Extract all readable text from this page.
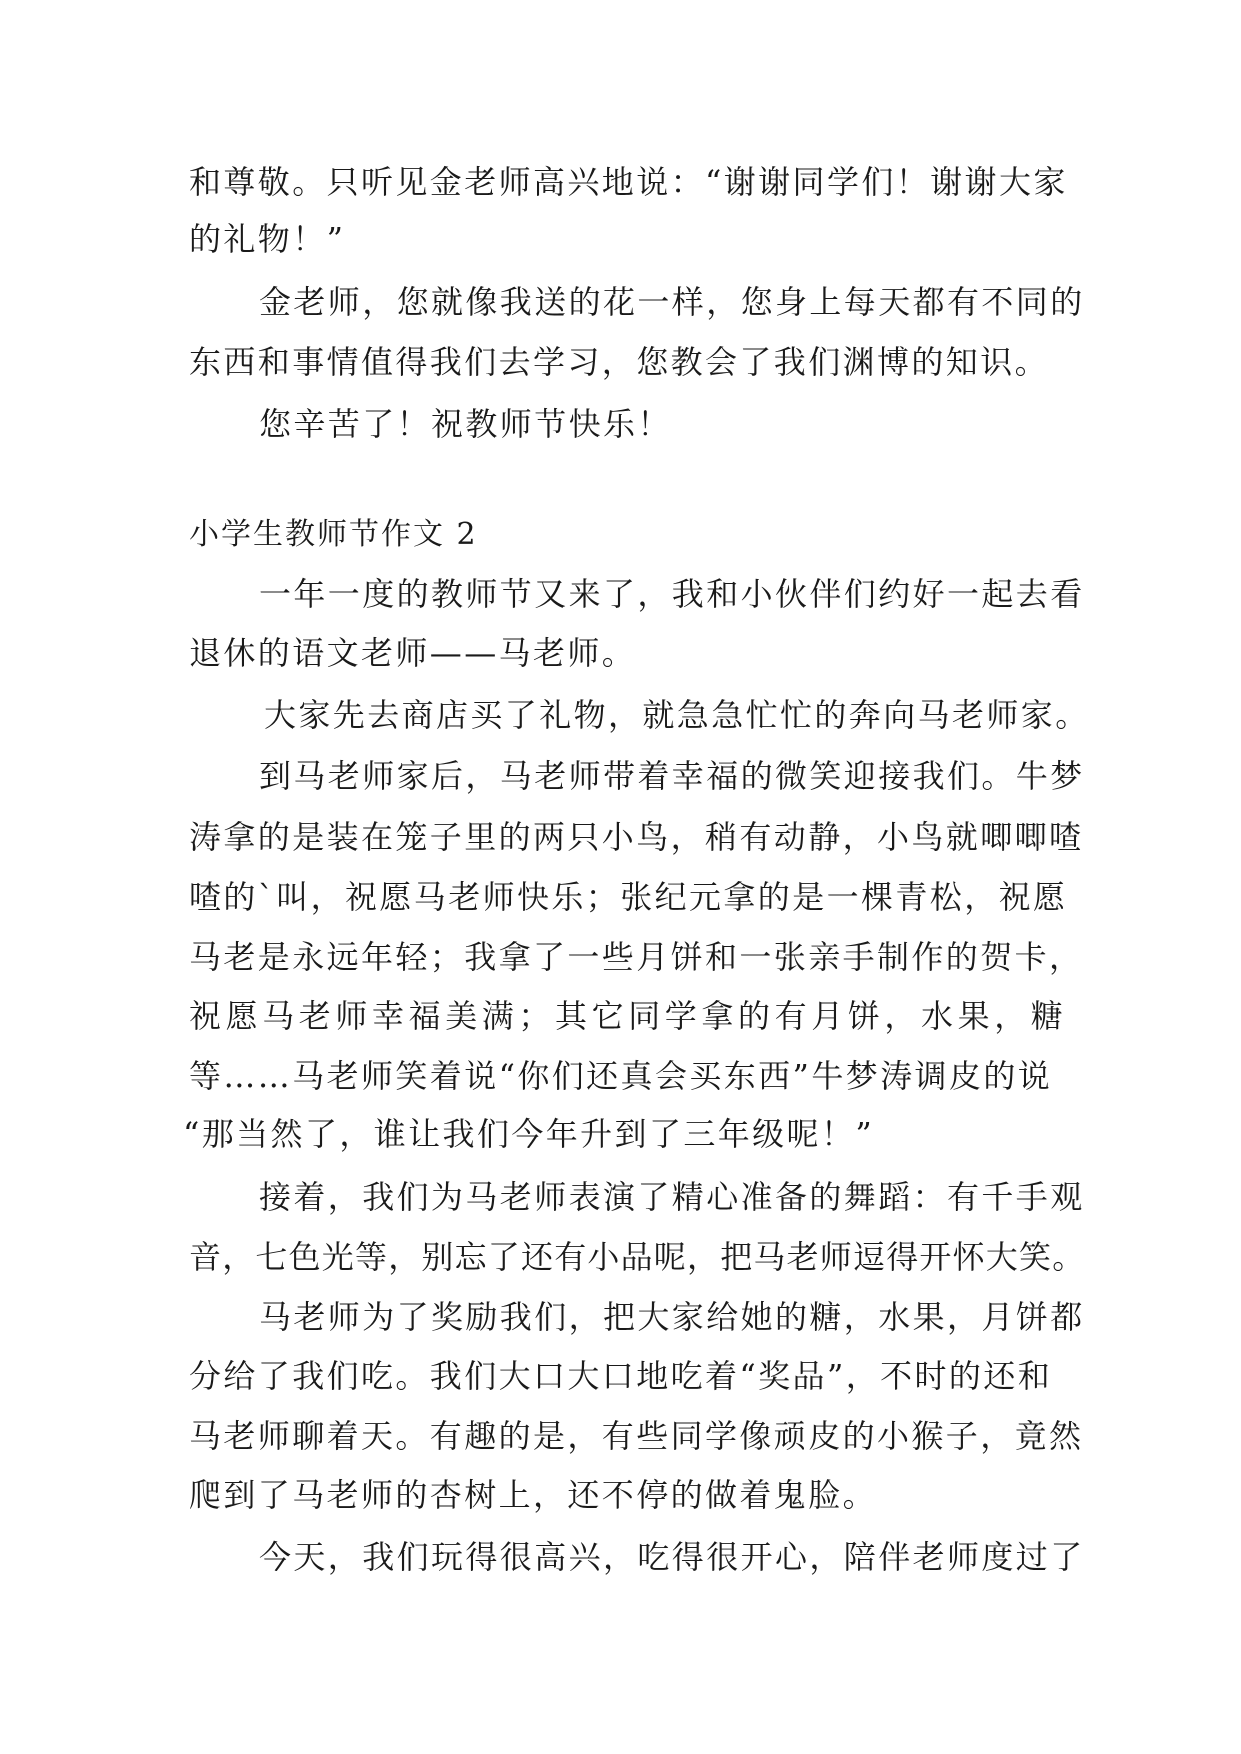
和尊敬。只听见金老师高兴地说：“谢谢同学们！谢谢大家
的礼物！”
金老师，您就像我送的花一样，您身上每天都有不同的
东西和事情值得我们去学习，您教会了我们渊博的知识。
您辛苦了！祝教师节快乐！
小学生教师节作文 2
一年一度的教师节又来了，我和小伙伴们约好一起去看
退休的语文老师——马老师。
大家先去商店买了礼物，就急急忙忙的奔向马老师家。
到马老师家后，马老师带着幸福的微笑迎接我们。牛梦
涛拿的是装在笼子里的两只小鸟，稍有动静，小鸟就唧唧喳
喳的`叫，祝愿马老师快乐；张纪元拿的是一棵青松，祝愿
马老是永远年轻；我拿了一些月饼和一张亲手制作的贺卡，
祝愿马老师幸福美满；其它同学拿的有月饼，水果，糖
等……马老师笑着说“你们还真会买东西”牛梦涛调皮的说
“那当然了，谁让我们今年升到了三年级呢！”
接着，我们为马老师表演了精心准备的舞蹈：有千手观
音，七色光等，别忘了还有小品呢，把马老师逗得开怀大笑。
马老师为了奖励我们，把大家给她的糖，水果，月饼都
分给了我们吃。我们大口大口地吃着“奖品”，不时的还和
马老师聊着天。有趣的是，有些同学像顽皮的小猴子，竟然
爬到了马老师的杏树上，还不停的做着鬼脸。
今天，我们玩得很高兴，吃得很开心，陪伴老师度过了
